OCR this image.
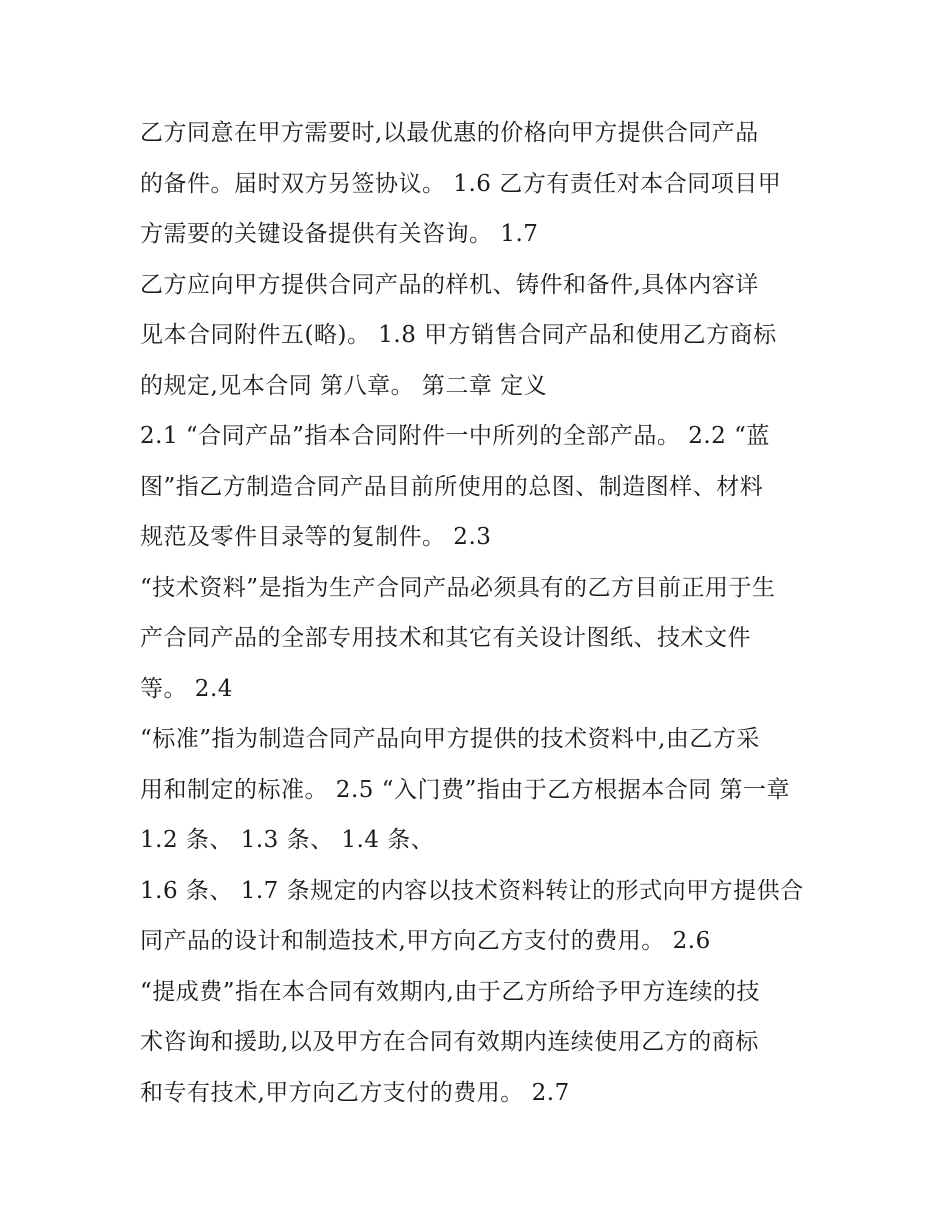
乙方同意在甲方需要时,以最优惠的价格向甲方提供合同产品
的备件。届时双方另签协议。 1.6 乙方有责任对本合同项目甲
方需要的关键设备提供有关咨询。 1.7
乙方应向甲方提供合同产品的样机、铸件和备件,具体内容详
见本合同附件五(略)。 1.8 甲方销售合同产品和使用乙方商标
的规定,见本合同 第八章。 第二章 定义
2.1 “合同产品”指本合同附件一中所列的全部产品。 2.2 “蓝
图”指乙方制造合同产品目前所使用的总图、制造图样、材料
规范及零件目录等的复制件。 2.3
“技术资料”是指为生产合同产品必须具有的乙方目前正用于生
产合同产品的全部专用技术和其它有关设计图纸、技术文件
等。 2.4
“标准”指为制造合同产品向甲方提供的技术资料中,由乙方采
用和制定的标准。 2.5 “入门费”指由于乙方根据本合同 第一章
1.2 条、 1.3 条、 1.4 条、
1.6 条、 1.7 条规定的内容以技术资料转让的形式向甲方提供合
同产品的设计和制造技术,甲方向乙方支付的费用。 2.6
“提成费”指在本合同有效期内,由于乙方所给予甲方连续的技
术咨询和援助,以及甲方在合同有效期内连续使用乙方的商标
和专有技术,甲方向乙方支付的费用。 2.7
